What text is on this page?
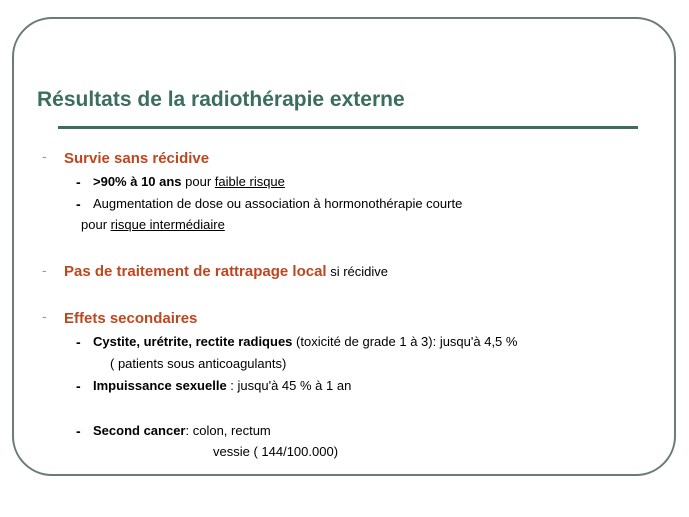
Résultats de la radiothérapie externe
- Survie sans récidive
- >90% à 10 ans pour faible risque
- Augmentation de dose ou association à hormonothérapie courte
pour risque intermédiaire
- Pas de traitement de rattrapage local si récidive
- Effets secondaires
- Cystite, urétrite, rectite radiques (toxicité de grade 1 à 3): jusqu'à 4,5 %
( patients sous anticoagulants)
- Impuissance sexuelle : jusqu'à 45 % à 1 an
- Second cancer: colon, rectum
vessie ( 144/100.000)
